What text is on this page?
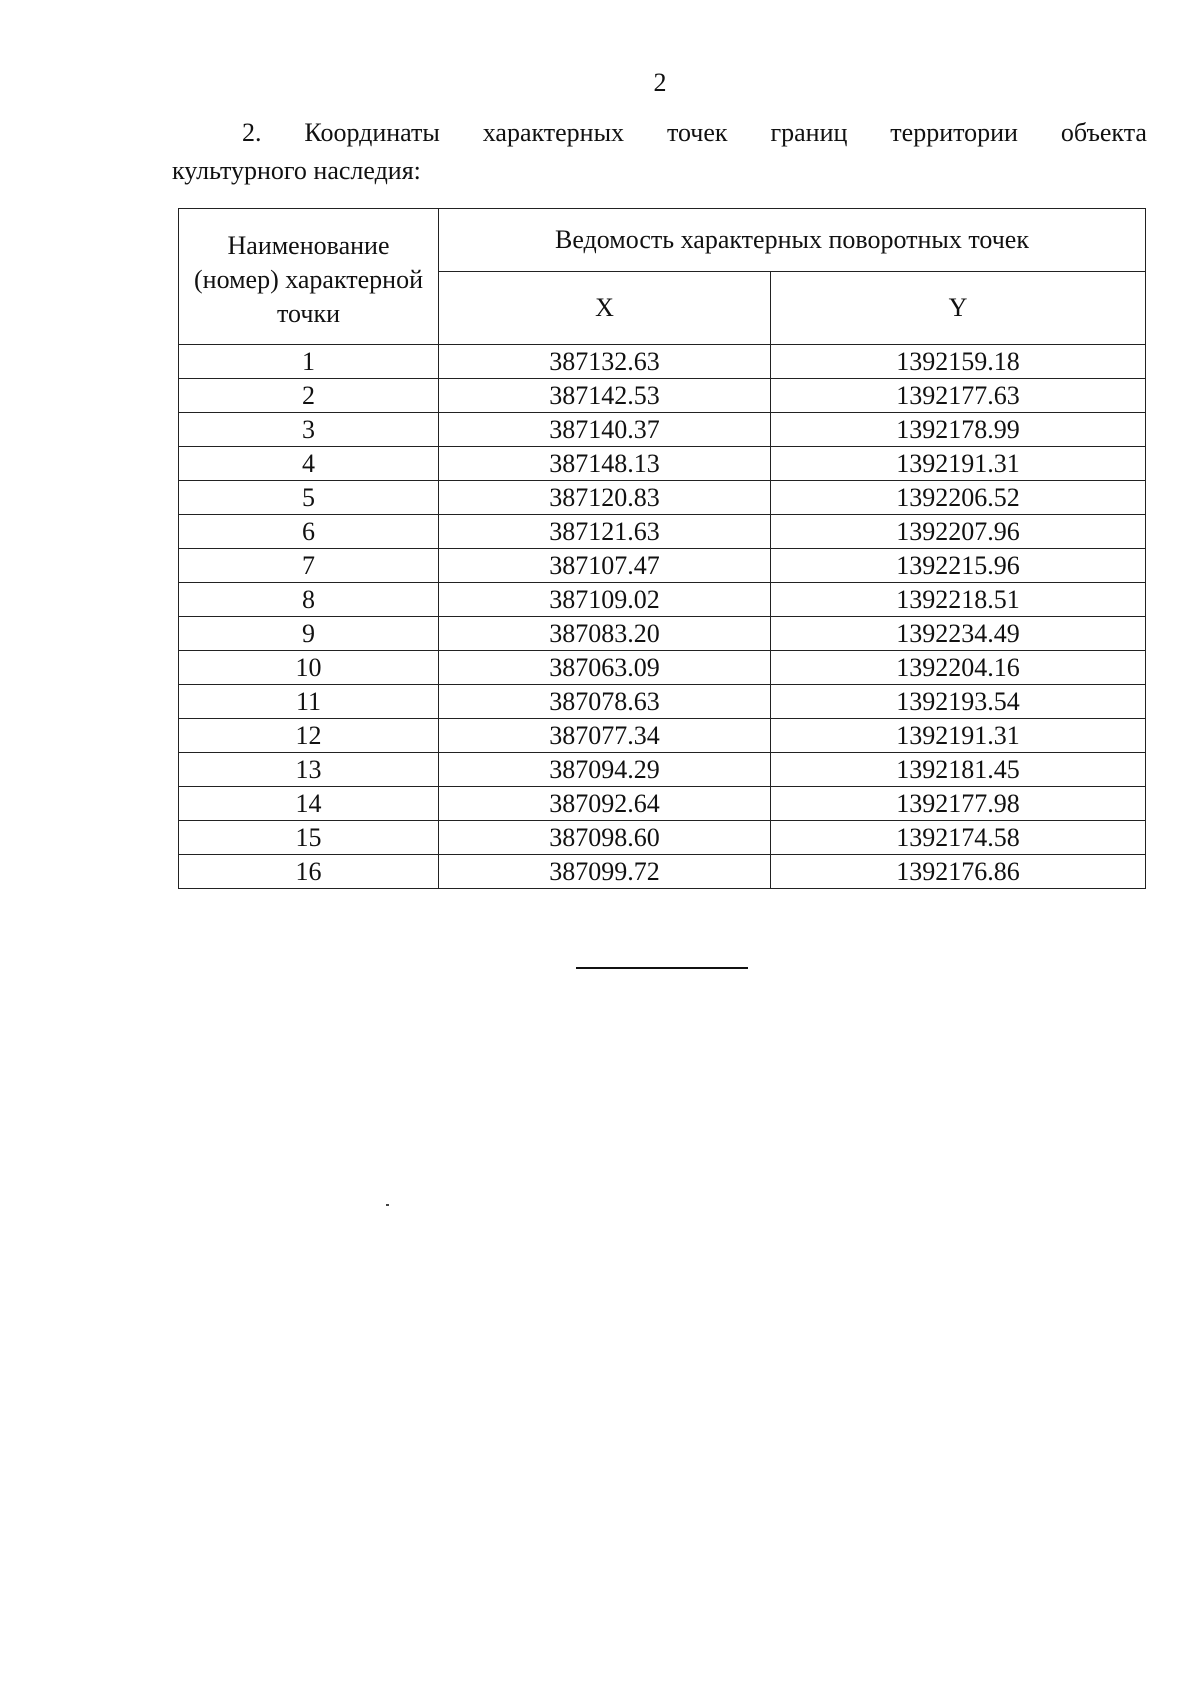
2
2. Координаты характерных точек границ территории объекта
культурного наследия:
Наименование
(номер) характерной
точки	Ведомость характерных поворотных точек	
	X	Y
1	387132.63	1392159.18
2	387142.53	1392177.63
3	387140.37	1392178.99
4	387148.13	1392191.31
5	387120.83	1392206.52
6	387121.63	1392207.96
7	387107.47	1392215.96
8	387109.02	1392218.51
9	387083.20	1392234.49
10	387063.09	1392204.16
11	387078.63	1392193.54
12	387077.34	1392191.31
13	387094.29	1392181.45
14	387092.64	1392177.98
15	387098.60	1392174.58
16	387099.72	1392176.86
